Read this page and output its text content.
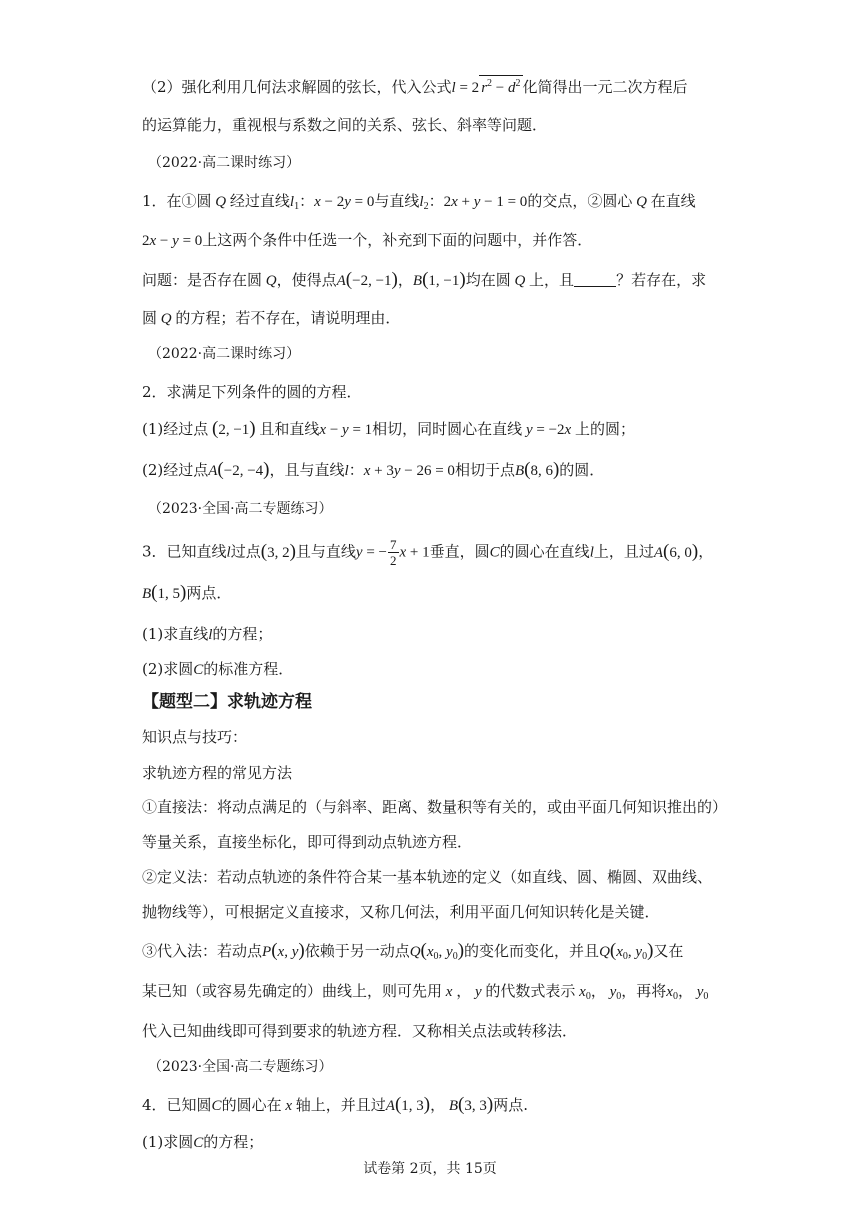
（2）强化利用几何法求解圆的弦长，代入公式l = 2 $r^2 - d^2$ 化简得出一元二次方程后
的运算能力，重视根与系数之间的关系、弦长、斜率等问题．
（2022·高二课时练习）
1．在①圆 Q 经过直线$l_1$：x − 2y = 0与直线$l_2$：2x + y − 1 = 0的交点，②圆心 Q 在直线
2x − y = 0上这两个条件中任选一个，补充到下面的问题中，并作答．
问题：是否存在圆 Q，使得点A(−2, −1)，B(1, −1)均在圆 Q 上，且	？若存在，求
圆 Q 的方程；若不存在，请说明理由．
（2022·高二课时练习）
2．求满足下列条件的圆的方程．
(1)经过点 (2, −1) 且和直线x − y = 1相切，同时圆心在直线 y = −2x 上的圆；
(2)经过点A(−2, −4)，且与直线l：x + 3y − 26 = 0相切于点B(8, 6)的圆．
（2023·全国·高二专题练习）
3．已知直线l过点(3, 2)且与直线y = − $\frac{7}{2}$ x + 1垂直，圆C的圆心在直线l上，且过A(6, 0)，
B(1, 5)两点．
(1)求直线l的方程；
(2)求圆C的标准方程．
【题型二】求轨迹方程
知识点与技巧：
求轨迹方程的常见方法
①直接法：将动点满足的（与斜率、距离、数量积等有关的，或由平面几何知识推出的）
等量关系，直接坐标化，即可得到动点轨迹方程．
②定义法：若动点轨迹的条件符合某一基本轨迹的定义（如直线、圆、椭圆、双曲线、
抛物线等），可根据定义直接求，又称几何法，利用平面几何知识转化是关键．
③代入法：若动点P(x, y)依赖于另一动点$Q(x_0$, $y_0$)的变化而变化，并且$Q(x_0$, $y_0$)又在
某已知（或容易先确定的）曲线上，则可先用 x ， y 的代数式表示 $x_0$， $y_0$，再将$x_0$， $y_0$
代入已知曲线即可得到要求的轨迹方程．又称相关点法或转移法．
（2023·全国·高二专题练习）
4．已知圆C的圆心在 x 轴上，并且过A(1, 3)， B(3, 3)两点.
(1)求圆C的方程；
试卷第 2页，共 15页
